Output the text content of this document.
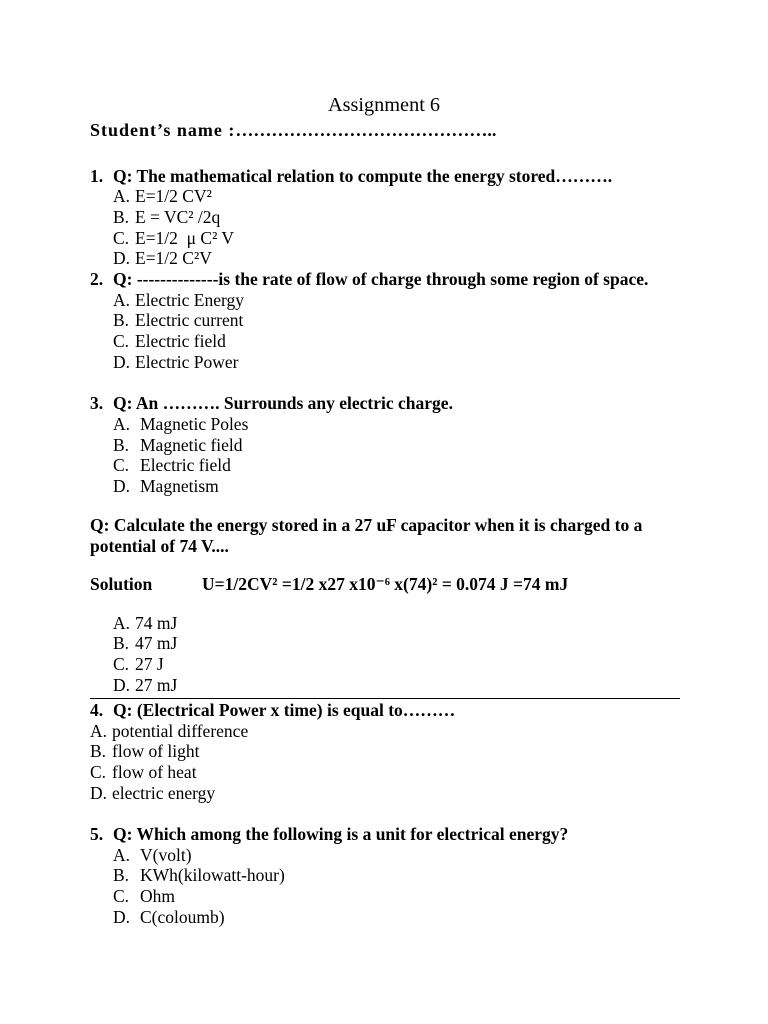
Assignment 6
Student’s name :……………………………………..
1. Q: The mathematical relation to compute the energy stored……….
A. E=1/2 CV²
B. E = VC² /2q
C. E=1/2  μ C² V
D. E=1/2 C²V
2. Q: --------------is the rate of flow of charge through some region of space.
A. Electric Energy
B. Electric current
C. Electric field
D. Electric Power
3. Q: An ………. Surrounds any electric charge.
A. Magnetic Poles
B. Magnetic field
C. Electric field
D. Magnetism
Q: Calculate the energy stored in a 27 uF capacitor when it is charged to a potential of 74 V....
Solution	U=1/2CV² =1/2 x27 x10⁻⁶ x(74)² = 0.074 J =74 mJ
A. 74 mJ
B. 47 mJ
C. 27 J
D. 27 mJ
4. Q: (Electrical Power x time) is equal to………
A. potential difference
B. flow of light
C. flow of heat
D. electric energy
5. Q: Which among the following is a unit for electrical energy?
A. V(volt)
B. KWh(kilowatt-hour)
C. Ohm
D. C(coloumb)
